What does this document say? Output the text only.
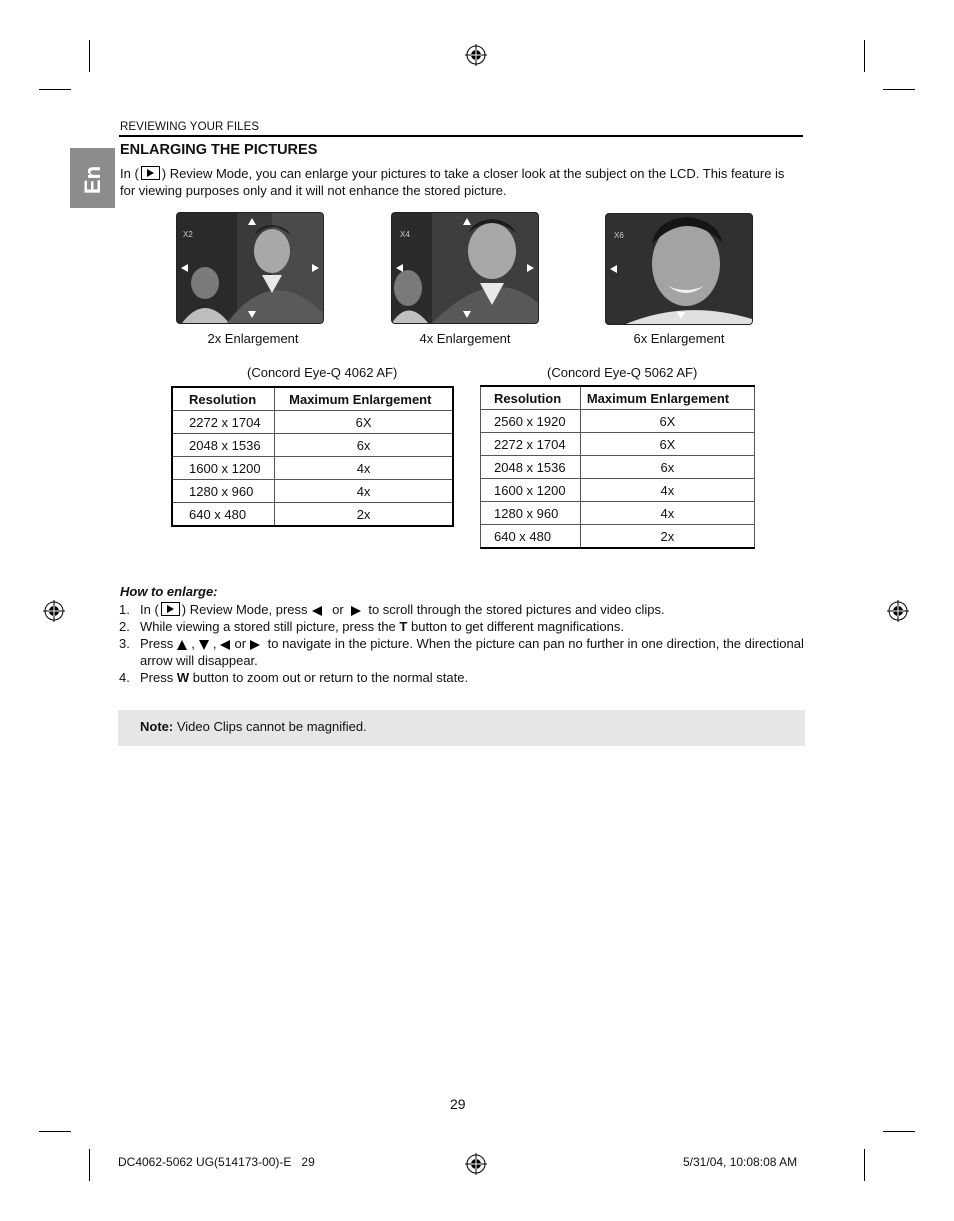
REVIEWING YOUR FILES
En
ENLARGING THE PICTURES
In ( ) Review Mode, you can enlarge your pictures to take a closer look at the subject on the LCD. This feature is for viewing purposes only and it will not enhance the stored picture.
X2	X4	X6
2x Enlargement	4x Enlargement	6x Enlargement
(Concord Eye-Q 4062 AF)	(Concord Eye-Q 5062 AF)
Resolution	Maximum Enlargement
2272 x 1704	6X
2048 x 1536	6x
1600 x 1200	4x
1280 x 960	4x
640 x 480	2x
Resolution	Maximum Enlargement
2560 x 1920	6X
2272 x 1704	6X
2048 x 1536	6x
1600 x 1200	4x
1280 x 960	4x
640 x 480	2x
How to enlarge:
1. In ( ) Review Mode, press or to scroll through the stored pictures and video clips.
2. While viewing a stored still picture, press the T button to get different magnifications.
3. Press , , or to navigate in the picture. When the picture can pan no further in one direction, the directional arrow will disappear.
4. Press W button to zoom out or return to the normal state.
Note: Video Clips cannot be magnified.
29
DC4062-5062 UG(514173-00)-E   29	5/31/04, 10:08:08 AM
